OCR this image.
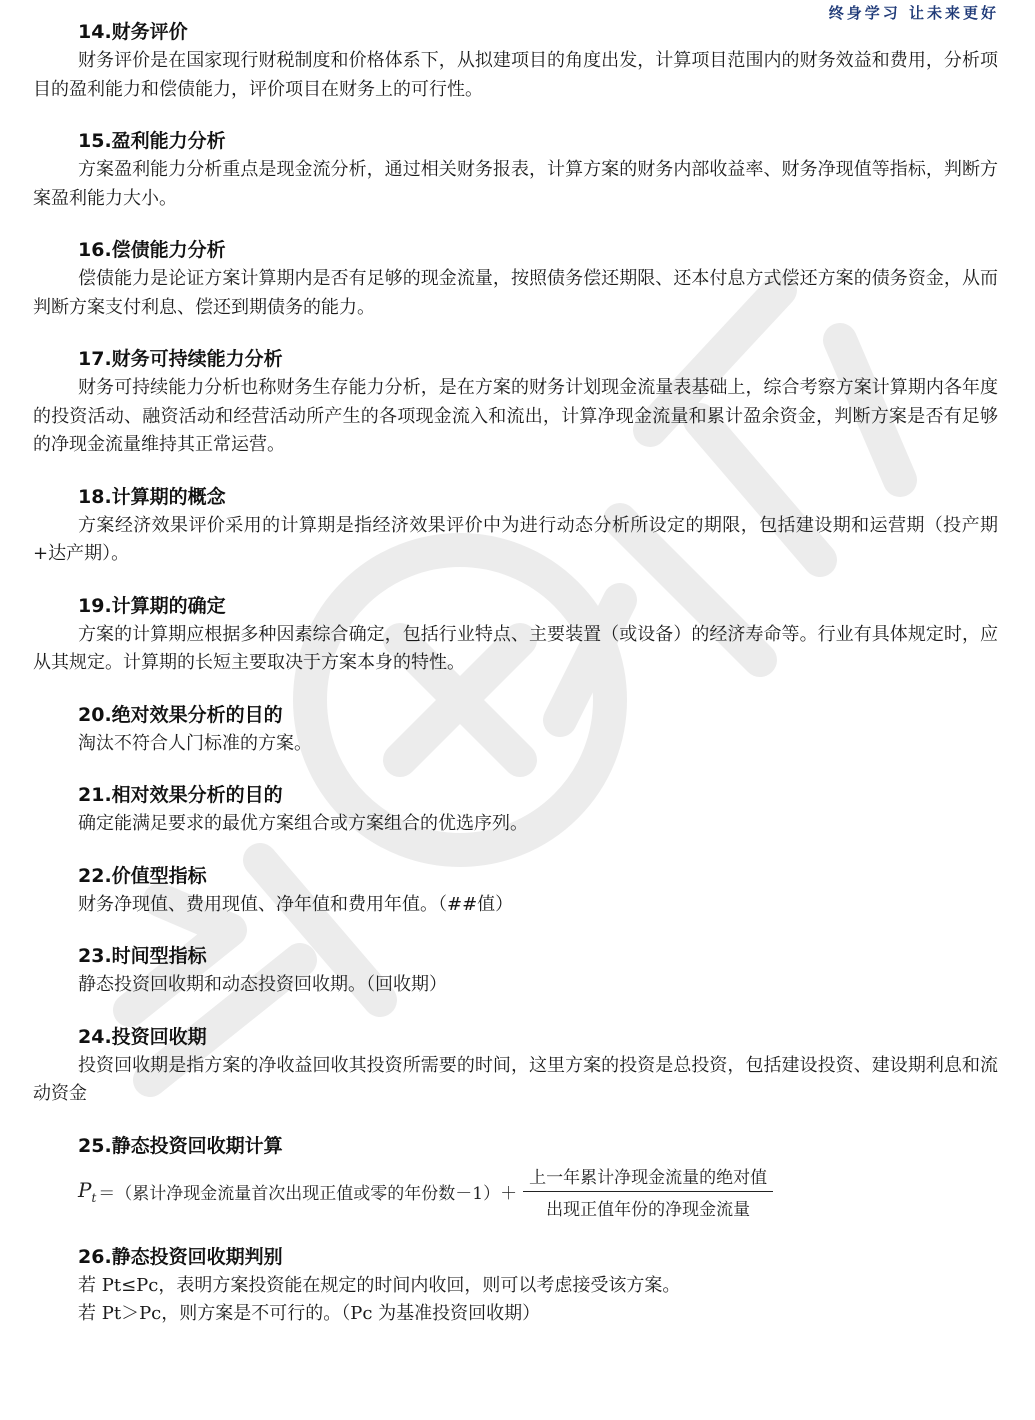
终身学习 让未来更好
14.财务评价

财务评价是在国家现行财税制度和价格体系下，从拟建项目的角度出发，计算项目范围内的财务效益和费用，分析项目的盈利能力和偿债能力，评价项目在财务上的可行性。

15.盈利能力分析

方案盈利能力分析重点是现金流分析，通过相关财务报表，计算方案的财务内部收益率、财务净现值等指标，判断方案盈利能力大小。

16.偿债能力分析

偿债能力是论证方案计算期内是否有足够的现金流量，按照债务偿还期限、还本付息方式偿还方案的债务资金，从而判断方案支付利息、偿还到期债务的能力。

17.财务可持续能力分析

财务可持续能力分析也称财务生存能力分析，是在方案的财务计划现金流量表基础上，综合考察方案计算期内各年度的投资活动、融资活动和经营活动所产生的各项现金流入和流出，计算净现金流量和累计盈余资金，判断方案是否有足够的净现金流量维持其正常运营。

18.计算期的概念

方案经济效果评价采用的计算期是指经济效果评价中为进行动态分析所设定的期限，包括建设期和运营期（投产期+达产期）。

19.计算期的确定

方案的计算期应根据多种因素综合确定，包括行业特点、主要装置（或设备）的经济寿命等。行业有具体规定时，应从其规定。计算期的长短主要取决于方案本身的特性。

20.绝对效果分析的目的

淘汰不符合人门标准的方案。

21.相对效果分析的目的

确定能满足要求的最优方案组合或方案组合的优选序列。

22.价值型指标

财务净现值、费用现值、净年值和费用年值。（##值）

23.时间型指标

静态投资回收期和动态投资回收期。（回收期）

24.投资回收期

投资回收期是指方案的净收益回收其投资所需要的时间，这里方案的投资是总投资，包括建设投资、建设期利息和流动资金

25.静态投资回收期计算
$P_t$ ＝ （累计净现金流量首次出现正值或零的年份数$-1)+ \frac{\text{上一年累计净现金流量的绝对值}}{\text{出现正值年份的净现金流量}}$
26.静态投资回收期判别

若 Pt≤Pc，表明方案投资能在规定的时间内收回，则可以考虑接受该方案。

若 Pt＞Pc，则方案是不可行的。（Pc 为基准投资回收期）
